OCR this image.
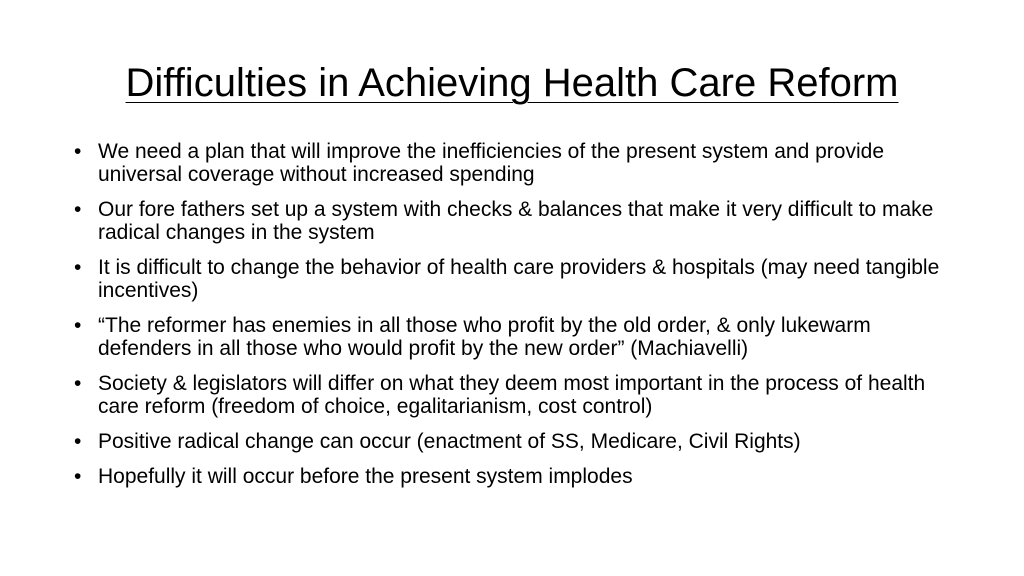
Difficulties in Achieving Health Care Reform
• We need a plan that will improve the inefficiencies of the present system and provide universal coverage without increased spending
• Our fore fathers set up a system with checks & balances that make it very difficult to make radical changes in the system
• It is difficult to change the behavior of health care providers & hospitals (may need tangible incentives)
• “The reformer has enemies in all those who profit by the old order, & only lukewarm defenders in all those who would profit by the new order” (Machiavelli)
• Society & legislators will differ on what they deem most important in the process of health care reform (freedom of choice, egalitarianism, cost control)
• Positive radical change can occur (enactment of SS, Medicare, Civil Rights)
• Hopefully it will occur before the present system implodes
